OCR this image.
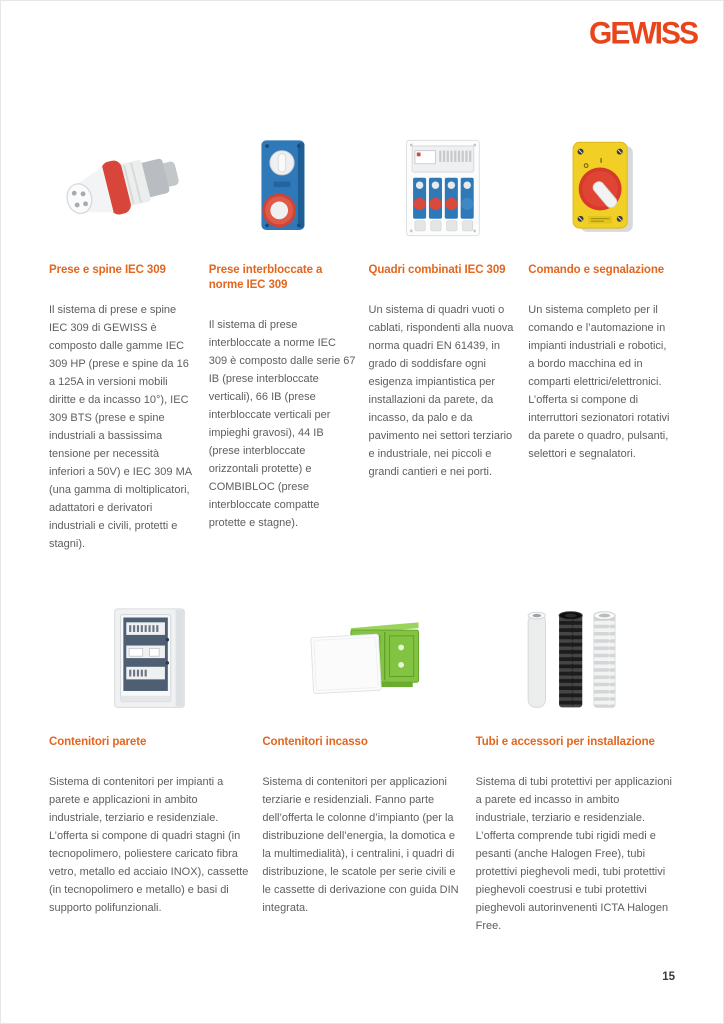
GEWISS
Prese e spine IEC 309

Il sistema di prese e spine IEC 309 di GEWISS è composto dalle gamme IEC 309 HP (prese e spine da 16 a 125A in versioni mobili diritte e da incasso 10°), IEC 309 BTS (prese e spine industriali a bassissima tensione per necessità inferiori a 50V) e IEC 309 MA (una gamma di moltiplicatori, adattatori e derivatori industriali e civili, protetti e stagni).

Prese interbloccate a norme IEC 309

Il sistema di prese interbloccate a norme IEC 309 è composto dalle serie 67 IB (prese interbloccate verticali), 66 IB (prese interbloccate verticali per impieghi gravosi), 44 IB (prese interbloccate orizzontali protette) e COMBIBLOC (prese interbloccate compatte protette e stagne).

Quadri combinati IEC 309

Un sistema di quadri vuoti o cablati, rispondenti alla nuova norma quadri EN 61439, in grado di soddisfare ogni esigenza impiantistica per installazioni da parete, da incasso, da palo e da pavimento nei settori terziario e industriale, nei piccoli e grandi cantieri e nei porti.

Comando e segnalazione

Un sistema completo per il comando e l’automazione in impianti industriali e robotici, a bordo macchina ed in comparti elettrici/elettronici. L’offerta si compone di interruttori sezionatori rotativi da parete o quadro, pulsanti, selettori e segnalatori.

Contenitori parete

Sistema di contenitori per impianti a parete e applicazioni in ambito industriale, terziario e residenziale. L’offerta si compone di quadri stagni (in tecnopolimero, poliestere caricato fibra vetro, metallo ed acciaio INOX), cassette (in tecnopolimero e metallo) e basi di supporto polifunzionali.

Contenitori incasso

Sistema di contenitori per applicazioni terziarie e residenziali. Fanno parte dell’offerta le colonne d’impianto (per la distribuzione dell’energia, la domotica e la multimedialità), i centralini, i quadri di distribuzione, le scatole per serie civili e le cassette di derivazione con guida DIN integrata.

Tubi e accessori per installazione

Sistema di tubi protettivi per applicazioni a parete ed incasso in ambito industriale, terziario e residenziale. L’offerta comprende tubi rigidi medi e pesanti (anche Halogen Free), tubi protettivi pieghevoli medi, tubi protettivi pieghevoli coestrusi e tubi protettivi pieghevoli autorinvenenti ICTA Halogen Free.

15
